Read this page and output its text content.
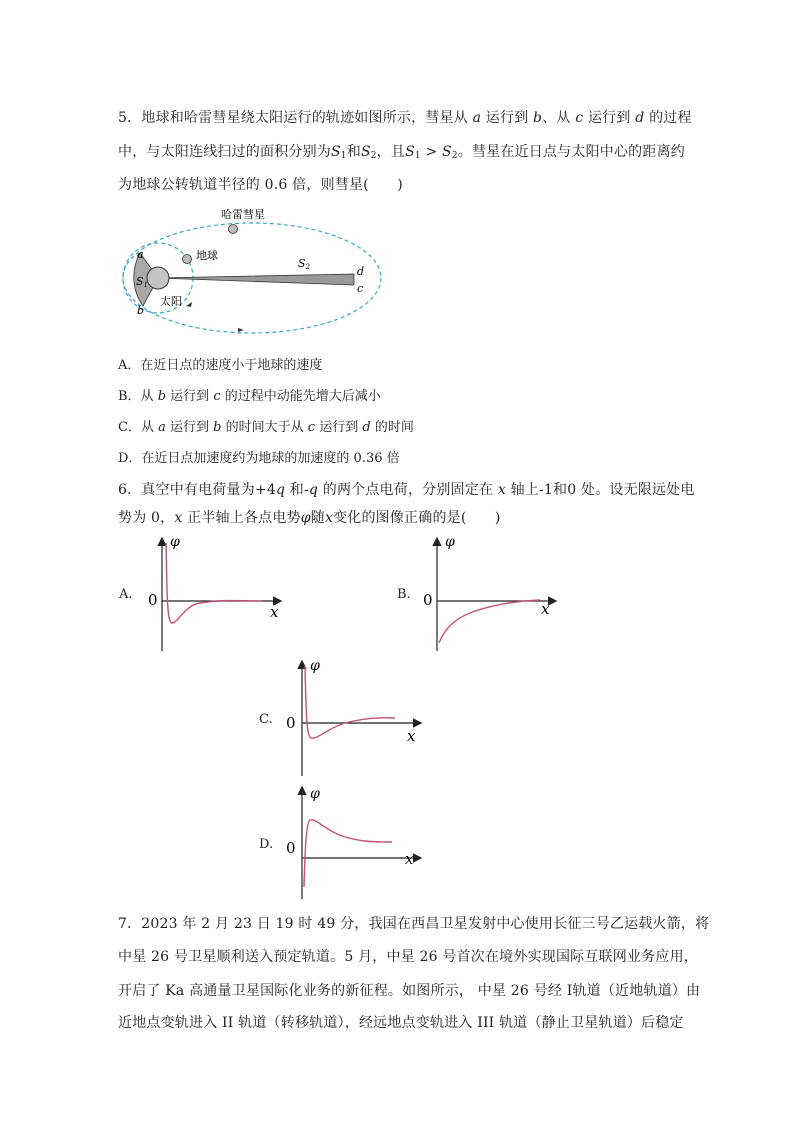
5．地球和哈雷彗星绕太阳运行的轨迹如图所示，彗星从 a 运行到 b、从 c 运行到 d 的过程
中，与太阳连线扫过的面积分别为$S_1$和$S_2$，且$S_1 > S_2$。彗星在近日点与太阳中心的距离约
为地球公转轨道半径的 0.6 倍，则彗星(　　)
哈雷彗星
地球
太阳
a
b
d
c
S1
S2
A．在近日点的速度小于地球的速度
B．从 b 运行到 c 的过程中动能先增大后减小
C．从 a 运行到 b 的时间大于从 c 运行到 d 的时间
D．在近日点加速度约为地球的加速度的 0.36 倍
6．真空中有电荷量为+4q 和-q 的两个点电荷，分别固定在 x 轴上-1和0 处。设无限远处电
势为 0，x 正半轴上各点电势φ随x变化的图像正确的是(　　)
A.
φ
0
x
B.
φ
0	x
C.
φ
0
x
D.
φ
0
x
7．2023 年 2 月 23 日 19 时 49 分，我国在西昌卫星发射中心使用长征三号乙运载火箭，将
中星 26 号卫星顺利送入预定轨道。5 月，中星 26 号首次在境外实现国际互联网业务应用，
开启了 Ka 高通量卫星国际化业务的新征程。如图所示， 中星 26 号经 I轨道（近地轨道）由
近地点变轨进入 II 轨道（转移轨道），经远地点变轨进入 III 轨道（静止卫星轨道）后稳定
